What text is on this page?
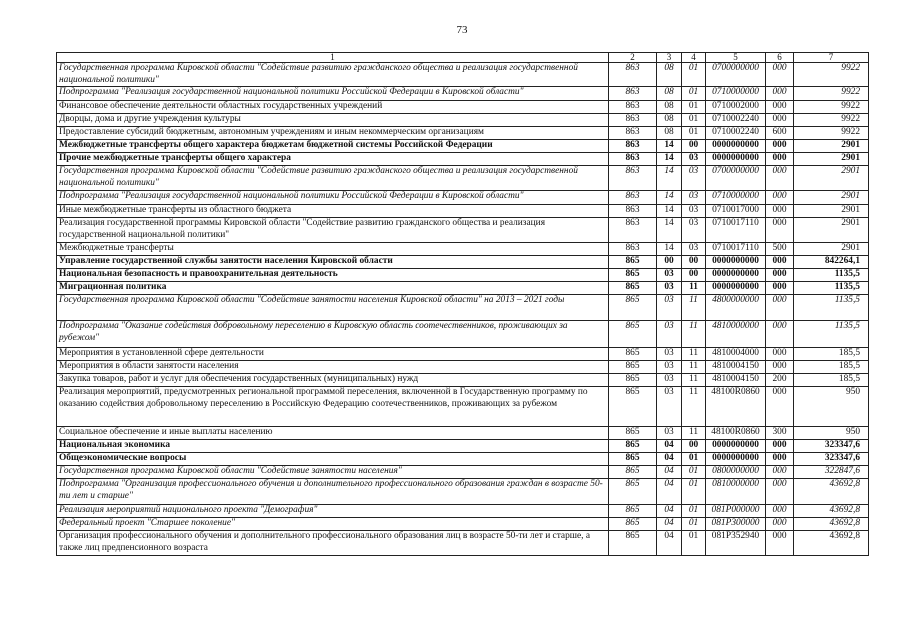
73
1	2	3	4	5	6	7
Государственная программа Кировской области "Содействие развитию гражданского общества и реализация государственной национальной политики"	863	08	01	0700000000	000	9922
Подпрограмма "Реализация государственной национальной политики Российской Федерации в Кировской области"	863	08	01	0710000000	000	9922
Финансовое обеспечение деятельности областных государственных учреждений	863	08	01	0710002000	000	9922
Дворцы, дома и другие учреждения культуры	863	08	01	0710002240	000	9922
Предоставление субсидий бюджетным, автономным учреждениям и иным некоммерческим организациям	863	08	01	0710002240	600	9922
Межбюджетные трансферты общего характера бюджетам бюджетной системы Российской Федерации	863	14	00	0000000000	000	2901
Прочие межбюджетные трансферты общего характера	863	14	03	0000000000	000	2901
Государственная программа Кировской области "Содействие развитию гражданского общества и реализация государственной национальной политики"	863	14	03	0700000000	000	2901
Подпрограмма "Реализация государственной национальной политики Российской Федерации в Кировской области"	863	14	03	0710000000	000	2901
Иные межбюджетные трансферты из областного бюджета	863	14	03	0710017000	000	2901
Реализация государственной программы Кировской области "Содействие развитию гражданского общества и реализация государственной национальной политики"	863	14	03	0710017110	000	2901
Межбюджетные трансферты	863	14	03	0710017110	500	2901
Управление государственной службы занятости населения Кировской области	865	00	00	0000000000	000	842264,1
Национальная безопасность и правоохранительная деятельность	865	03	00	0000000000	000	1135,5
Миграционная политика	865	03	11	0000000000	000	1135,5
Государственная программа Кировской области "Содействие занятости населения Кировской области" на 2013 – 2021 годы	865	03	11	4800000000	000	1135,5
Подпрограмма "Оказание содействия добровольному переселению в Кировскую область соотечественников, проживающих за рубежом"	865	03	11	4810000000	000	1135,5
Мероприятия в установленной сфере деятельности	865	03	11	4810004000	000	185,5
Мероприятия в области занятости населения	865	03	11	4810004150	000	185,5
Закупка товаров, работ и услуг для обеспечения государственных (муниципальных) нужд	865	03	11	4810004150	200	185,5
Реализация мероприятий, предусмотренных региональной программой переселения, включенной в Государственную программу по оказанию содействия добровольному переселению в Российскую Федерацию соотечественников, проживающих за рубежом	865	03	11	48100R0860	000	950
Социальное обеспечение и иные выплаты населению	865	03	11	48100R0860	300	950
Национальная экономика	865	04	00	0000000000	000	323347,6
Общеэкономические вопросы	865	04	01	0000000000	000	323347,6
Государственная программа Кировской области "Содействие занятости населения"	865	04	01	0800000000	000	322847,6
Подпрограмма "Организация профессионального обучения и дополнительного профессионального образования граждан в возрасте 50-ти лет и старше"	865	04	01	0810000000	000	43692,8
Реализация мероприятий национального проекта "Демография"	865	04	01	081P000000	000	43692,8
Федеральный проект "Старшее поколение"	865	04	01	081P300000	000	43692,8
Организация профессионального обучения и дополнительного профессионального образования лиц в возрасте 50-ти лет и старше, а также лиц предпенсионного возраста	865	04	01	081P352940	000	43692,8
